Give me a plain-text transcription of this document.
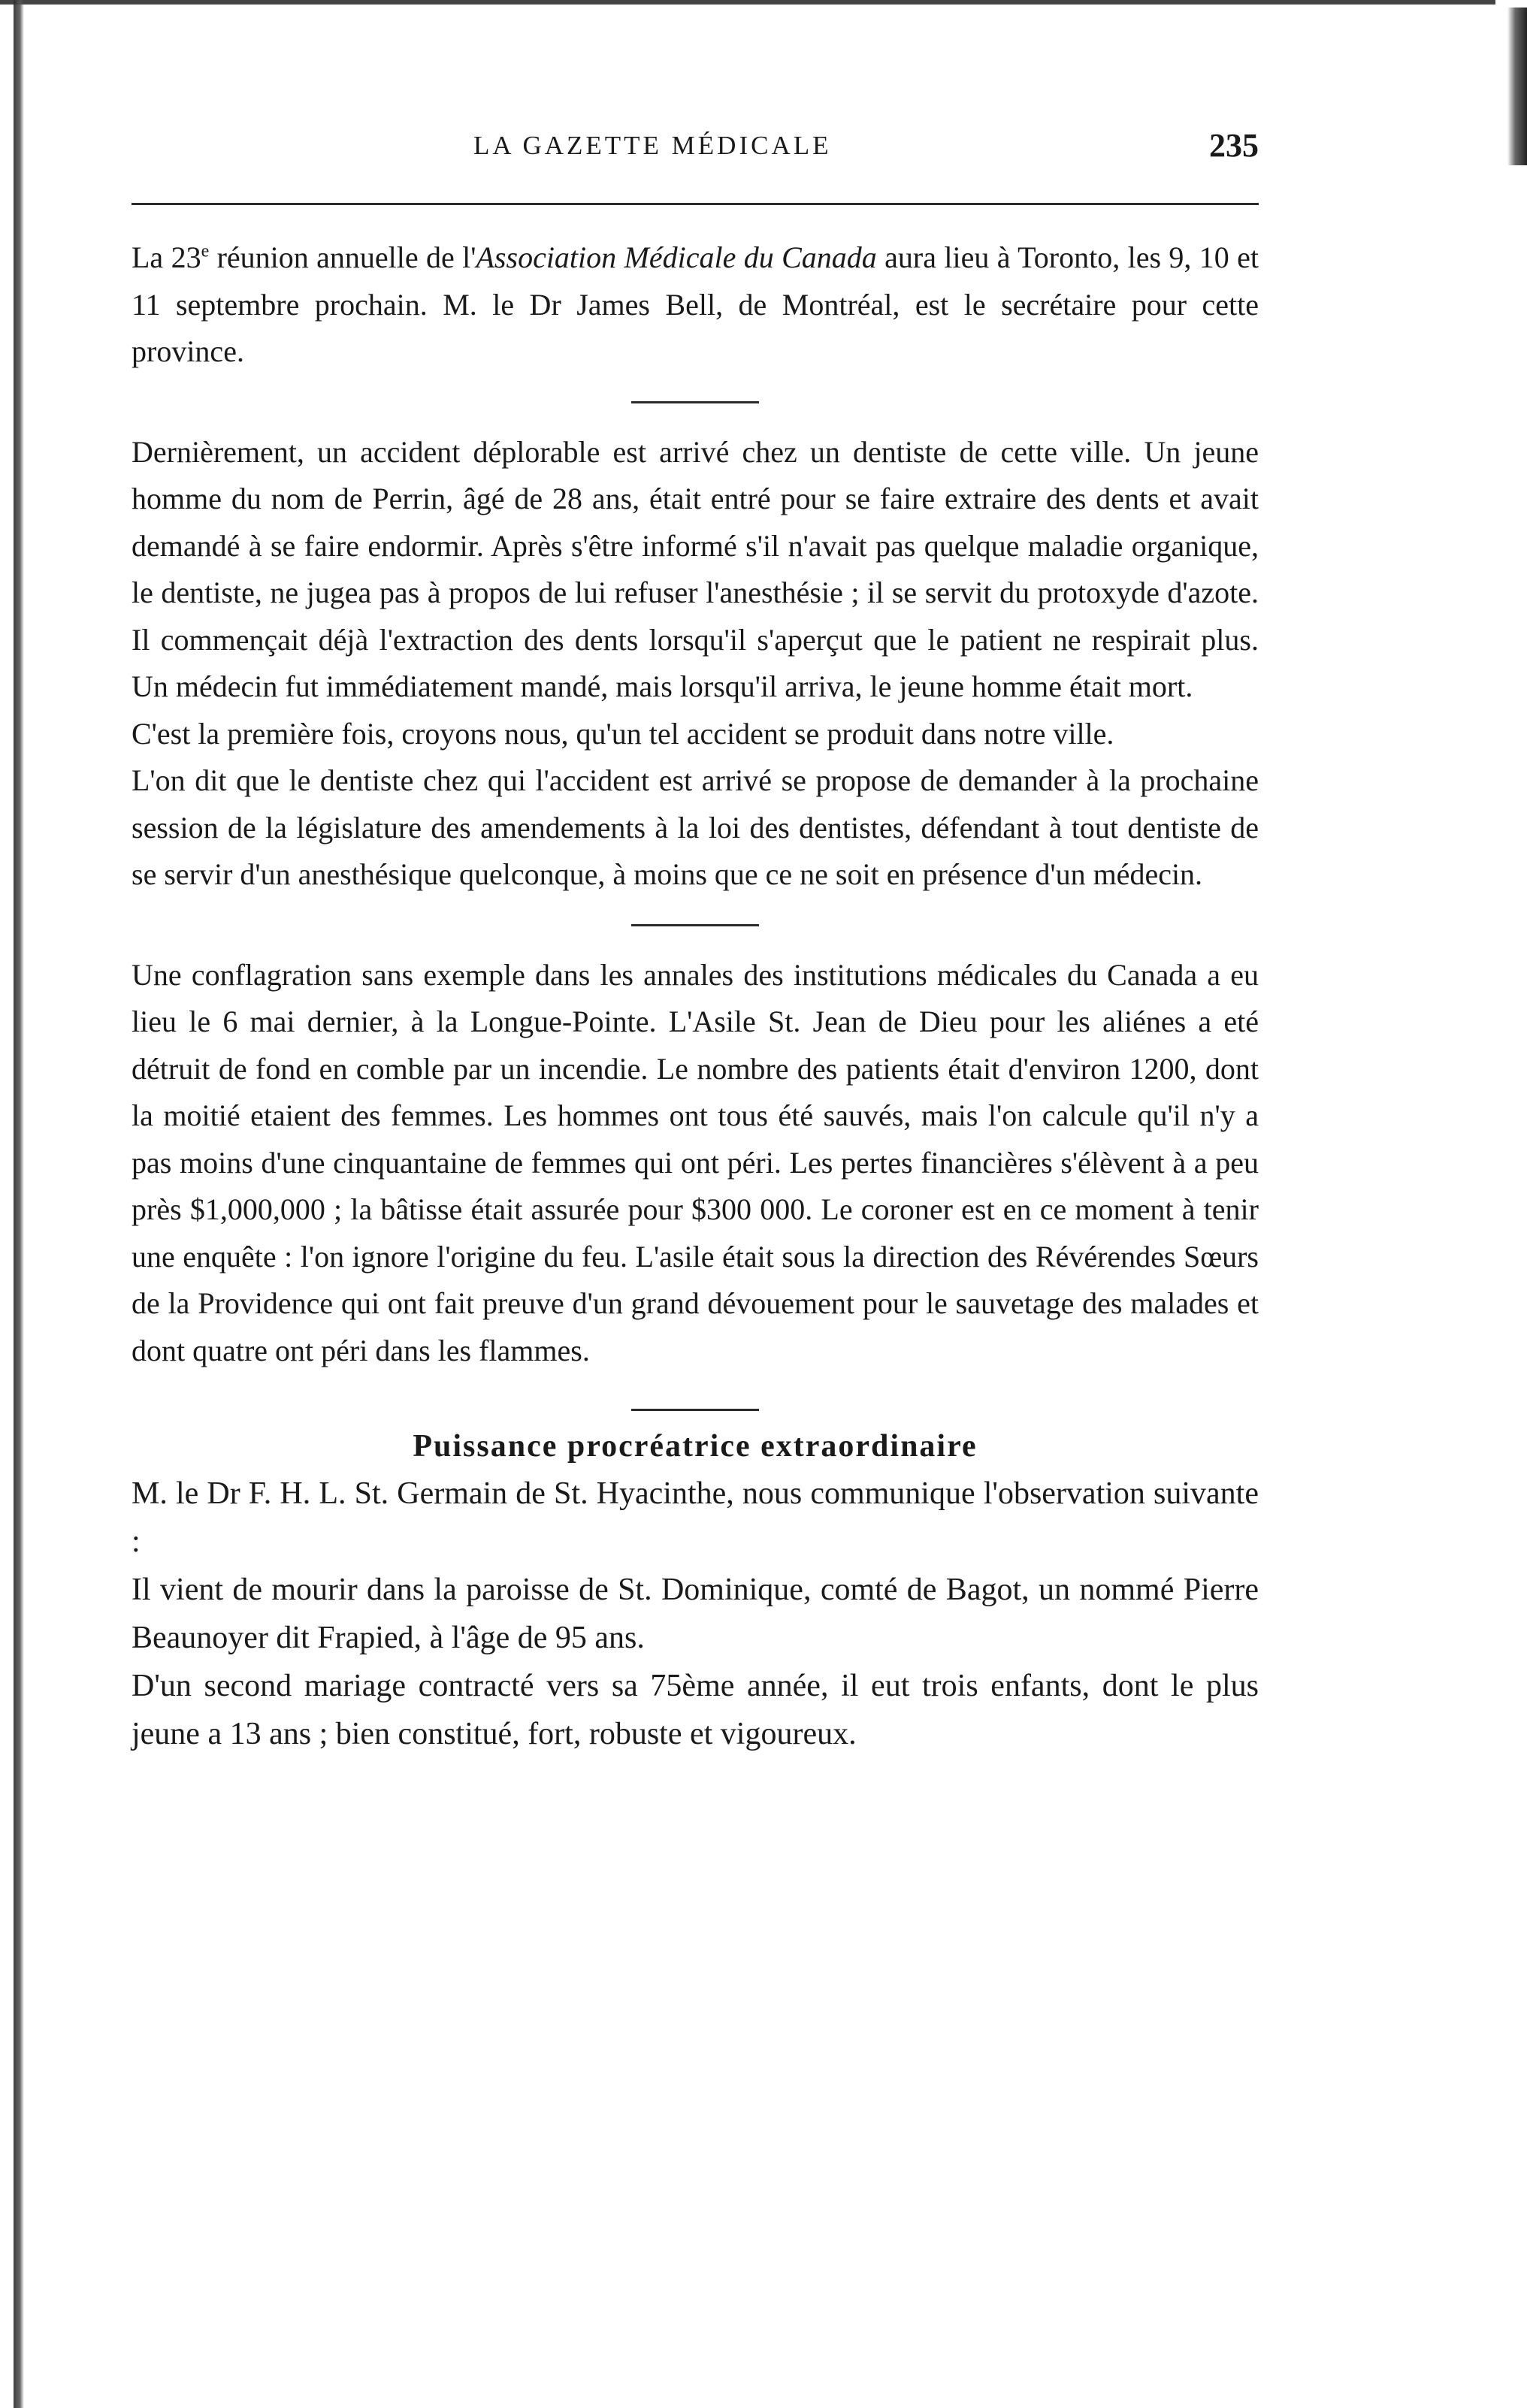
LA GAZETTE MÉDICALE	235

La 23e réunion annuelle de l'Association Médicale du Canada aura lieu à Toronto, les 9, 10 et 11 septembre prochain. M. le Dr James Bell, de Montréal, est le secrétaire pour cette province.

Dernièrement, un accident déplorable est arrivé chez un dentiste de cette ville. Un jeune homme du nom de Perrin, âgé de 28 ans, était entré pour se faire extraire des dents et avait demandé à se faire endormir. Après s'être informé s'il n'avait pas quelque maladie organique, le dentiste, ne jugea pas à propos de lui refuser l'anesthésie ; il se servit du protoxyde d'azote. Il commençait déjà l'extraction des dents lorsqu'il s'aperçut que le patient ne respirait plus. Un médecin fut immédiatement mandé, mais lorsqu'il arriva, le jeune homme était mort.

C'est la première fois, croyons nous, qu'un tel accident se produit dans notre ville.

L'on dit que le dentiste chez qui l'accident est arrivé se propose de demander à la prochaine session de la législature des amendements à la loi des dentistes, défendant à tout dentiste de se servir d'un anesthésique quelconque, à moins que ce ne soit en présence d'un médecin.

Une conflagration sans exemple dans les annales des institutions médicales du Canada a eu lieu le 6 mai dernier, à la Longue-Pointe. L'Asile St. Jean de Dieu pour les aliénes a eté détruit de fond en comble par un incendie. Le nombre des patients était d'environ 1200, dont la moitié etaient des femmes. Les hommes ont tous été sauvés, mais l'on calcule qu'il n'y a pas moins d'une cinquantaine de femmes qui ont péri. Les pertes financières s'élèvent à a peu près $1,000,000 ; la bâtisse était assurée pour $300 000. Le coroner est en ce moment à tenir une enquête : l'on ignore l'origine du feu. L'asile était sous la direction des Révérendes Sœurs de la Providence qui ont fait preuve d'un grand dévouement pour le sauvetage des malades et dont quatre ont péri dans les flammes.

Puissance procréatrice extraordinaire

M. le Dr F. H. L. St. Germain de St. Hyacinthe, nous communique l'observation suivante :

Il vient de mourir dans la paroisse de St. Dominique, comté de Bagot, un nommé Pierre Beaunoyer dit Frapied, à l'âge de 95 ans.

D'un second mariage contracté vers sa 75ème année, il eut trois enfants, dont le plus jeune a 13 ans ; bien constitué, fort, robuste et vigoureux.
